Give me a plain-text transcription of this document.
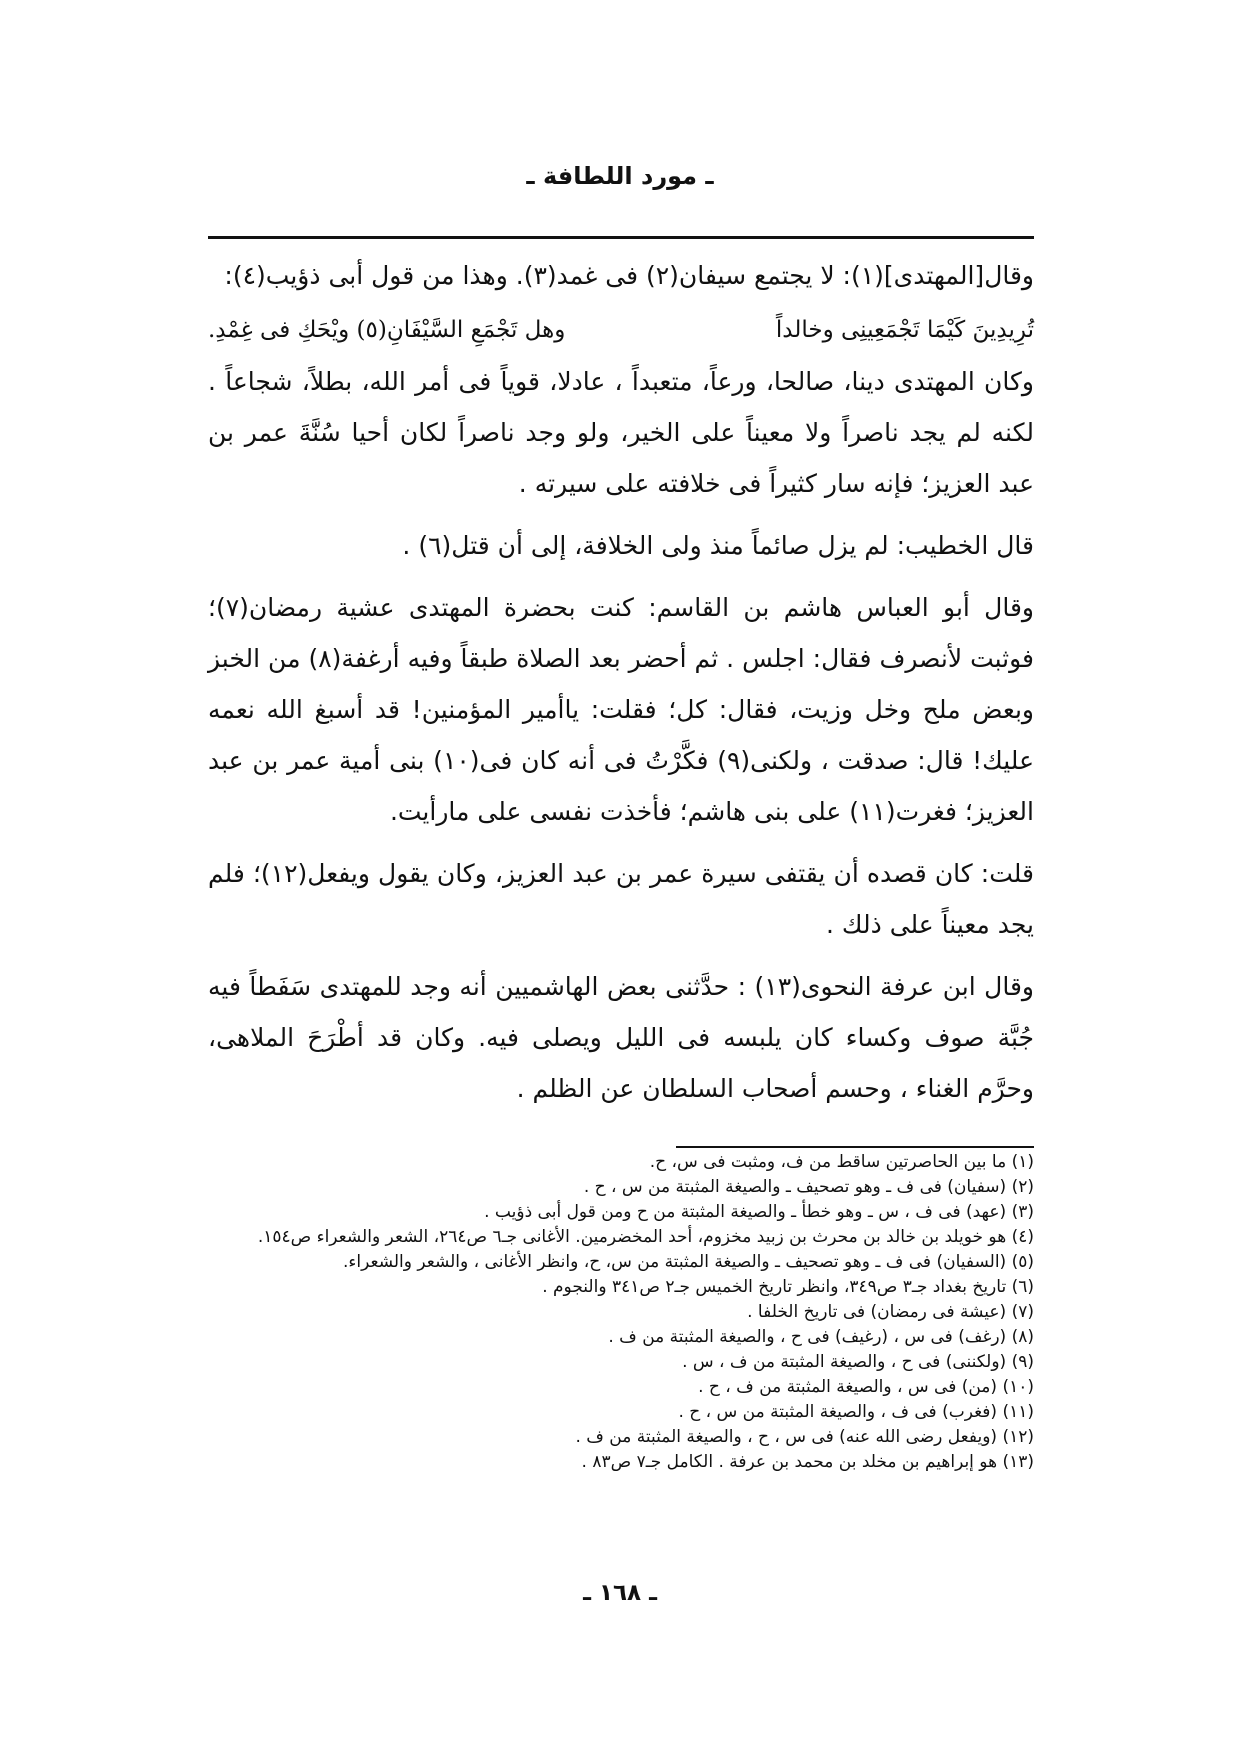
ـ مورد اللطافة ـ

وقال[المهتدى](١): لا يجتمع سيفان(٢) فى غمد(٣). وهذا من قول أبى ذؤيب(٤):

تُرِيدِينَ كَيْمَا تَجْمَعِينِى وخالداً
وهل تَجْمَعِ السَّيْفَانِ(٥) ويْحَكِ فى غِمْدِ.

وكان المهتدى دينا، صالحا، ورعاً، متعبداً ، عادلا، قوياً فى أمر الله، بطلاً، شجاعاً . لكنه لم يجد ناصراً ولا معيناً على الخير، ولو وجد ناصراً لكان أحيا سُنَّةَ عمر بن عبد العزيز؛ فإنه سار كثيراً فى خلافته على سيرته .

قال الخطيب: لم يزل صائماً منذ ولى الخلافة، إلى أن قتل(٦) .

وقال أبو العباس هاشم بن القاسم: كنت بحضرة المهتدى عشية رمضان(٧)؛ فوثبت لأنصرف فقال: اجلس . ثم أحضر بعد الصلاة طبقاً وفيه أرغفة(٨) من الخبز وبعض ملح وخل وزيت، فقال: كل؛ فقلت: ياأمير المؤمنين! قد أسبغ الله نعمه عليك! قال: صدقت ، ولكنى(٩) فكَّرْتُ فى أنه كان فى(١٠) بنى أمية عمر بن عبد العزيز؛ فغرت(١١) على بنى هاشم؛ فأخذت نفسى على مارأيت.

قلت: كان قصده أن يقتفى سيرة عمر بن عبد العزيز، وكان يقول ويفعل(١٢)؛ فلم يجد معيناً على ذلك .

وقال ابن عرفة النحوى(١٣) : حدَّثنى بعض الهاشميين أنه وجد للمهتدى سَفَطاً فيه جُبَّة صوف وكساء كان يلبسه فى الليل ويصلى فيه. وكان قد أطْرَحَ الملاهى، وحرَّم الغناء ، وحسم أصحاب السلطان عن الظلم .

(١) ما بين الحاصرتين ساقط من ف، ومثبت فى س، ح.
(٢) (سفيان) فى ف ـ وهو تصحيف ـ والصيغة المثبتة من س ، ح .
(٣) (عهد) فى ف ، س ـ وهو خطأ ـ والصيغة المثبتة من ح ومن قول أبى ذؤيب .
(٤) هو خويلد بن خالد بن محرث بن زبيد مخزوم، أحد المخضرمين. الأغانى جـ٦ ص٢٦٤، الشعر والشعراء ص١٥٤.
(٥) (السفيان) فى ف ـ وهو تصحيف ـ والصيغة المثبتة من س، ح، وانظر الأغانى ، والشعر والشعراء.
(٦) تاريخ بغداد جـ٣ ص٣٤٩، وانظر تاريخ الخميس جـ٢ ص٣٤١ والنجوم .
(٧) (عيشة فى رمضان) فى تاريخ الخلفا .
(٨) (رغف) فى س ، (رغيف) فى ح ، والصيغة المثبتة من ف .
(٩) (ولكننى) فى ح ، والصيغة المثبتة من ف ، س .
(١٠) (من) فى س ، والصيغة المثبتة من ف ، ح .
(١١) (فغرب) فى ف ، والصيغة المثبتة من س ، ح .
(١٢) (ويفعل رضى الله عنه) فى س ، ح ، والصيغة المثبتة من ف .
(١٣) هو إبراهيم بن مخلد بن محمد بن عرفة . الكامل جـ٧ ص٨٣ .
ـ ١٦٨ ـ
